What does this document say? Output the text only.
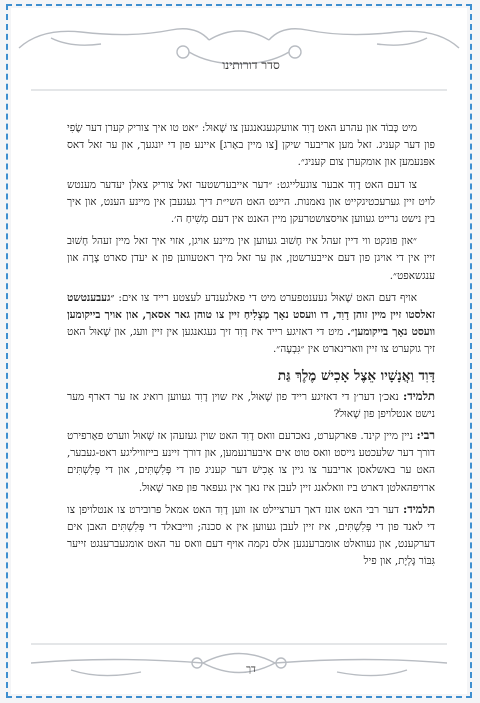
סדר דורותינו

מיט כָּבוֹד און עהרע האט דָוִד אוועקגעגאנגען צו שָׁאוּל: ״אט טו איך צוריק קערן דער שֶׂפִי פון דער קעניג. זאל מען אריבער שיקן [צו מיין באַרג] איינע פון די יונגעך, און ער זאל דאס אפּנעמען און אומקערן צום קעניג״.

צו דעם האט דָוִד אבער צוגעלייגט: ״דער אייבערשטער זאל צוריק צאלן יעדער מענטש לויט זיין גערעכטיגקייט און נאמנות. היינט האט השי״ת דיך געגעבן אין מיינע הענט, און איך בין נישט גרייט געווען אויסצושטרעקן מיין האנט אין דעם מְשִׁיחַ ה׳.

״און פונקט ווי דיין זעהל איז חָשׁוּב געווען אין מיינע אויגן, אזוי איך זאל מיין זעהל חָשׁוּב זיין אין די אויגן פון דעם אייבערשטן, און ער זאל מיך ראטעווען פון א יעדן סארט צָרָה און ענגשאפט״.

אויף דעם האט שָׁאוּל געענטפערט מיט די פאלגענדע לעצטע רייד צו אים: ״געבענטשט זאלסטו זיין מיין זוהן דָוִד, דו וועסט נאָך מַצְלִיחַ זיין צו טוהן גאר אסאך, און אויך בייקומען וועסט נאָך בייקומען״. מיט די דאזיגע רייד איז דָוִד זיך געגאנגען אין זיין וועג, און שָׁאוּל האט זיך גוקערט צו זיין ווארינארט אין ״גִּבְעָה״.

דָּוִד וַאֲנָשָׁיו אֵצֶל אָכִישׁ מֶלֶךְ גַּת
תלמיד: נאכ׳ן דער׳ן די דאזיגע רייד פון שָׁאוּל, איז שוין דָוִד געווען רואיג אז ער דארף מער נישט אנטלויפן פון שָׁאוּל?
רבי: ניין מיין קינד. פּארקערט, נאכדעם וואס דָוִד האט שוין געזעהן אז שָׁאוּל ווערט פאַרפירט דורך דער שלעכטע גייסט וואס טוט אים איבערנעמען, און דורך זיינע בייזוויליגע ראט-געבער, האט ער באשלאסן אריבער צו גיין צו אָכִישׁ דער קעניג פון די פְּלִשְׁתִּים, און די פְּלִשְׁתִּים ארויפהאלטן דארט ביז וואלאנג זיין לעבן איז נאך אין געפאר פון פאר שָׁאוּל.
תלמיד: דער רבי האט אונז דאך דערציילט אז ווען דָוִד האט אמאל פרובירט צו אנטלויפן צו די לאנד פון די פְּלִשְׁתִּים, איז זיין לעבן געווען אין א סכנה; ווייבאלד די פְּלִשְׁתִּים האבן אים דערקענט, און געוואלט אומברענגען אלס נקמה אויף דעם וואס ער האט אומגעברענגט זייער גִּבּוֹר גָּלְיָת, און פיל
דך
